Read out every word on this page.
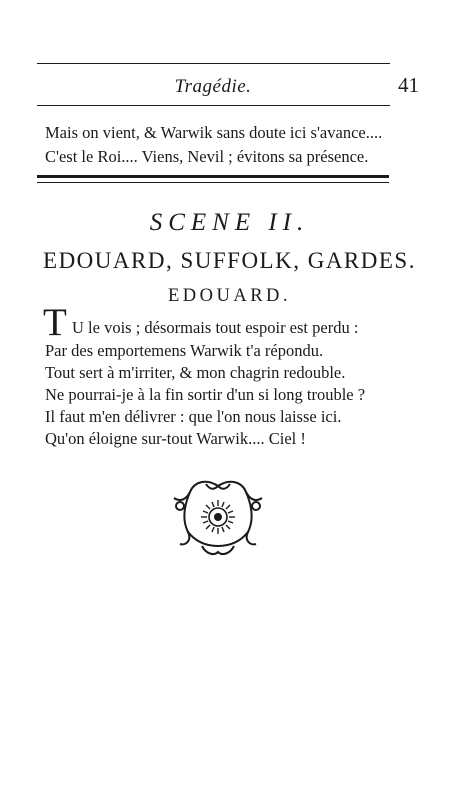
Tragédie.	41
Mais on vient, & Warwik sans doute ici s'avance....
C'est le Roi.... Viens, Nevil ; évitons sa présence.
SCENE II.
EDOUARD, SUFFOLK, GARDES.
EDOUARD.
T U le vois ; désormais tout espoir est perdu :
Par des emportemens Warwik t'a répondu.
Tout sert à m'irriter, & mon chagrin redouble.
Ne pourrai-je à la fin sortir d'un si long trouble ?
Il faut m'en délivrer : que l'on nous laisse ici.
Qu'on éloigne sur-tout Warwik.... Ciel !
